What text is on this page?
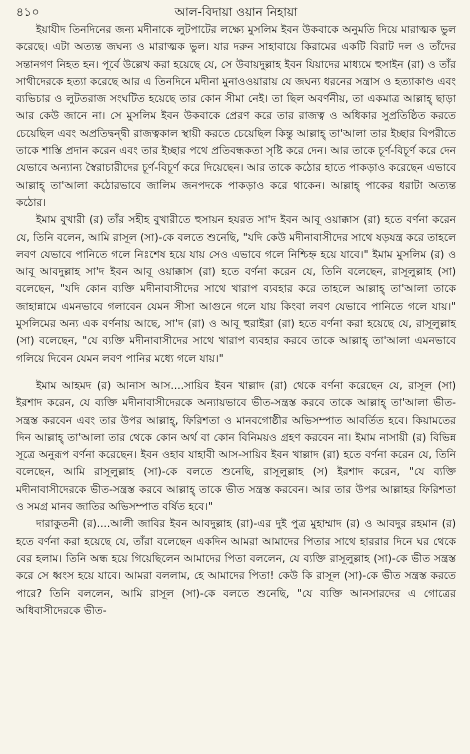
৪১০	আল-বিদায়া ওয়ান নিহায়া

ইয়াযীদ তিনদিনের জন্য মদীনাকে লুটপাটের লক্ষ্যে মুসলিম ইবন উকবাকে অনুমতি দিয়ে মারাত্মক ভুল করেছে। এটা অত্যন্ত জঘন্য ও মারাত্মক ভুল। যার দরুন সাহাবায়ে কিরামের একটি বিরাট দল ও তাঁদের সন্তানগণ নিহত হন। পূর্বে উল্লেখ করা হয়েছে যে, সে উবায়দুল্লাহ ইবন যিয়াদের মাধ্যমে হুসাইন (রা) ও তাঁর সাথীদেরকে হত্যা করেছে আর এ তিনদিনে মদীনা মুনাওওয়ারায় যে জঘন্য ধরনের সন্ত্রাস ও হত্যাকাণ্ড এবং ব্যভিচার ও লুটতরাজ সংঘটিত হয়েছে তার কোন সীমা নেই। তা ছিল অবর্ণনীয়, তা একমাত্র আল্লাহ্ ছাড়া আর কেউ জানে না। সে মুসলিম ইবন উকবাকে প্রেরণ করে তার রাজত্ব ও অধিকার সুপ্রতিষ্ঠিত করতে চেয়েছিল এবং অপ্রতিদ্বন্দ্বী রাজত্বকাল স্থায়ী করতে চেয়েছিল কিন্তু আল্লাহ্ তা'আলা তার ইচ্ছার বিপরীতে তাকে শাস্তি প্রদান করেন এবং তার ইচ্ছার পথে প্রতিবন্ধকতা সৃষ্টি করে দেন। আর তাকে চূর্ণ-বিচূর্ণ করে দেন যেভাবে অন্যান্য স্বৈরাচারীদের চূর্ণ-বিচূর্ণ করে দিয়েছেন। আর তাকে কঠোর হাতে পাকড়াও করেছেন এভাবে আল্লাহ্ তা'আলা কঠোরভাবে জালিম জনপদকে পাকড়াও করে থাকেন। আল্লাহ্ পাকের ধরাটা অত্যন্ত কঠোর।

ইমাম বুখারী (র) তাঁর সহীহ বুখারীতে হুসায়ন হযরত সা'দ ইবন আবূ ওয়াক্কাস (রা) হতে বর্ণনা করেন যে, তিনি বলেন, আমি রাসূল (সা)-কে বলতে শুনেছি, "যদি কেউ মদীনাবাসীদের সাথে ষড়যন্ত্র করে তাহলে লবণ যেভাবে পানিতে গলে নিঃশেষ হয়ে যায় সেও এভাবে গলে নিশ্চিহ্ন হয়ে যাবে।" ইমাম মুসলিম (র) ও আবূ আবদুল্লাহ সা'দ ইবন আবূ ওয়াক্কাস (রা) হতে বর্ণনা করেন যে, তিনি বলেছেন, রাসূলুল্লাহ (সা) বলেছেন, "যদি কোন ব্যক্তি মদীনাবাসীদের সাথে খারাপ ব্যবহার করে তাহলে আল্লাহ্ তা'আলা তাকে জাহান্নামে এমনভাবে গলাবেন যেমন সীসা আগুনে গলে যায় কিংবা লবণ যেভাবে পানিতে গলে যায়।" মুসলিমের অন্য এক বর্ণনায় আছে, সা'দ (রা) ও আবূ হুরাইরা (রা) হতে বর্ণনা করা হয়েছে যে, রাসূলুল্লাহ (সা) বলেছেন, "যে ব্যক্তি মদীনাবাসীদের সাথে খারাপ ব্যবহার করবে তাকে আল্লাহ্ তা'আলা এমনভাবে গলিয়ে দিবেন যেমন লবণ পানির মধ্যে গলে যায়।"

ইমাম আহমদ (র) আনাস আস....সায়িব ইবন খাল্লাদ (রা) থেকে বর্ণনা করেছেন যে, রাসূল (সা) ইরশাদ করেন, যে ব্যক্তি মদীনাবাসীদেরকে অন্যায়ভাবে ভীত-সন্ত্রস্ত করবে তাকে আল্লাহ্ তা'আলা ভীত-সন্ত্রস্ত করবেন এবং তার উপর আল্লাহ্, ফিরিশতা ও মানবগোষ্ঠীর অভিসম্পাত আবর্তিত হবে। কিয়ামতের দিন আল্লাহ্ তা'আলা তার থেকে কোন অর্থ বা কোন বিনিময়ও গ্রহণ করবেন না। ইমাম নাসায়ী (র) বিভিন্ন সূত্রে অনুরূপ বর্ণনা করেছেন। ইবন ওহাব যাহাবী আস-সায়িব ইবন খাল্লাদ (রা) হতে বর্ণনা করেন যে, তিনি বলেছেন, আমি রাসূলুল্লাহ (সা)-কে বলতে শুনেছি, রাসূলুল্লাহ (স) ইরশাদ করেন, "যে ব্যক্তি মদীনাবাসীদেরকে ভীত-সন্ত্রস্ত করবে আল্লাহ্ তাকে ভীত সন্ত্রস্ত করবেন। আর তার উপর আল্লাহর ফিরিশতা ও সমগ্র মানব জাতির অভিসম্পাত বর্ষিত হবে।"

দারাকুতনী (র)....আলী জাবির ইবন আবদুল্লাহ (রা)-এর দুই পুত্র মুহাম্মাদ (র) ও আবদুর রহমান (র) হতে বর্ণনা করা হয়েছে যে, তাঁরা বলেছেন একদিন আমরা আমাদের পিতার সাথে হাররার দিনে ঘর থেকে বের হলাম। তিনি অন্ধ হয়ে গিয়েছিলেন আমাদের পিতা বললেন, যে ব্যক্তি রাসূলুল্লাহ (সা)-কে ভীত সন্ত্রস্ত করে সে ধ্বংস হয়ে যাবে। আমরা বললাম, হে আমাদের পিতা! কেউ কি রাসূল (সা)-কে ভীত সন্ত্রস্ত করতে পারে? তিনি বললেন, আমি রাসূল (সা)-কে বলতে শুনেছি, "যে ব্যক্তি আনসারদের এ গোত্রের অধিবাসীদেরকে ভীত-
